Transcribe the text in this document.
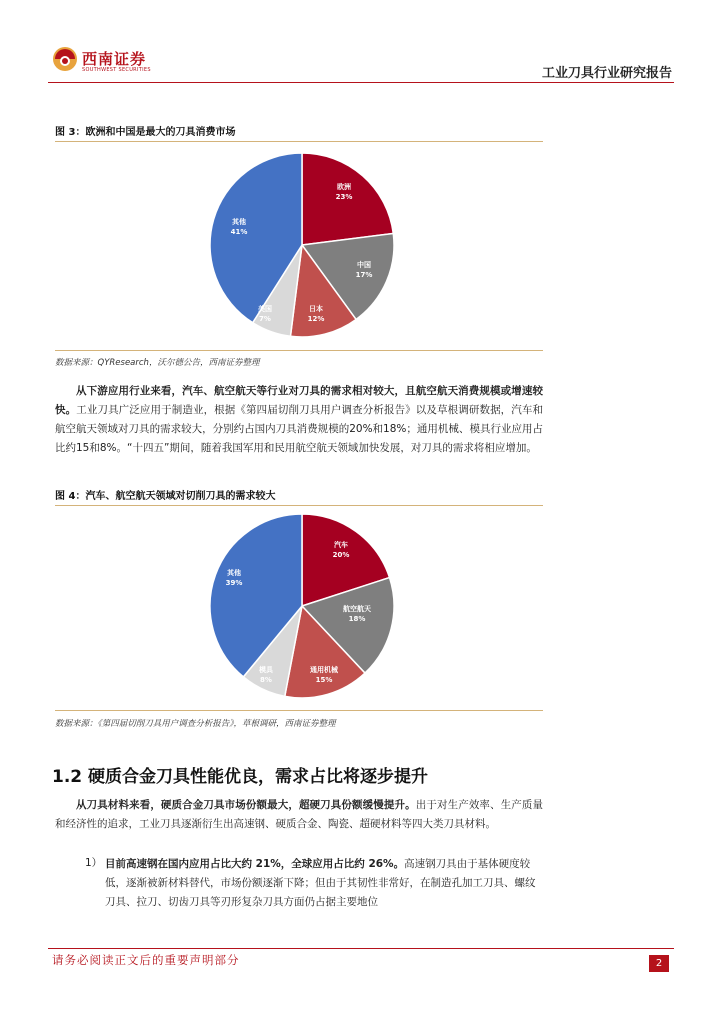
西南证券
SOUTHWEST SECURITIES	工业刀具行业研究报告
图 3：欧洲和中国是最大的刀具消费市场
欧洲
23%
中国
17%
日本
12%
美国
7%
其他
41%
数据来源：QYResearch，沃尔德公告，西南证券整理
从下游应用行业来看，汽车、航空航天等行业对刀具的需求相对较大，且航空航天消费规模或增速较快。工业刀具广泛应用于制造业，根据《第四届切削刀具用户调查分析报告》以及草根调研数据，汽车和航空航天领域对刀具的需求较大，分别约占国内刀具消费规模的20%和18%；通用机械、模具行业应用占比约15和8%。“十四五”期间，随着我国军用和民用航空航天领域加快发展，对刀具的需求将相应增加。
图 4：汽车、航空航天领域对切削刀具的需求较大
汽车
20%
航空航天
18%
通用机械
15%
模具
8%
其他
39%
数据来源：《第四届切削刀具用户调查分析报告》，草根调研，西南证券整理
1.2 硬质合金刀具性能优良，需求占比将逐步提升
从刀具材料来看，硬质合金刀具市场份额最大，超硬刀具份额缓慢提升。出于对生产效率、生产质量和经济性的追求，工业刀具逐渐衍生出高速钢、硬质合金、陶瓷、超硬材料等四大类刀具材料。
1） 目前高速钢在国内应用占比大约 21%，全球应用占比约 26%。高速钢刀具由于基体硬度较低，逐渐被新材料替代，市场份额逐渐下降；但由于其韧性非常好，在制造孔加工刀具、螺纹刀具、拉刀、切齿刀具等刃形复杂刀具方面仍占据主要地位
请务必阅读正文后的重要声明部分	2
